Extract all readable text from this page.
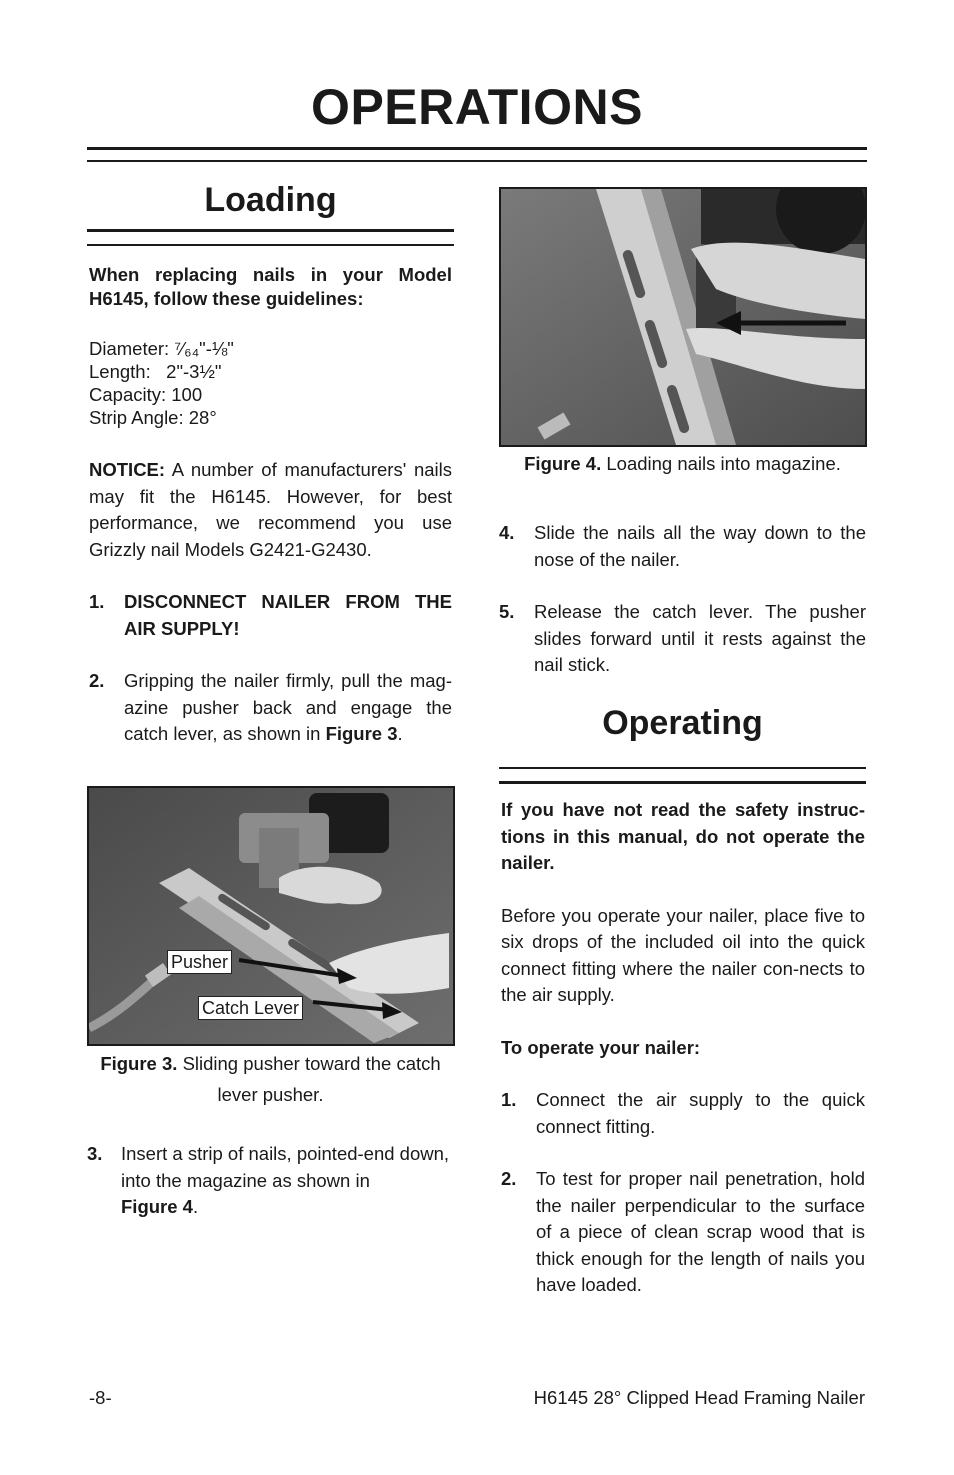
OPERATIONS
Loading

When replacing nails in your Model H6145, follow these guidelines:

Diameter: ⁷⁄₆₄"-⅛"

Length: 2"-3½"

Capacity: 100

Strip Angle: 28°

NOTICE: A number of manufacturers' nails may fit the H6145. However, for best performance, we recommend you use Grizzly nail Models G2421-G2430.

1. DISCONNECT NAILER FROM THE AIR SUPPLY!
2. Gripping the nailer firmly, pull the mag-azine pusher back and engage the catch lever, as shown in Figure 3.
Pusher
Catch Lever
Figure 3. Sliding pusher toward the catch lever pusher.
3. Insert a strip of nails, pointed-end down, into the magazine as shown in
Figure 4.
Figure 4. Loading nails into magazine.
4. Slide the nails all the way down to the nose of the nailer.
5. Release the catch lever. The pusher slides forward until it rests against the nail stick.
Operating

If you have not read the safety instruc-tions in this manual, do not operate the nailer.

Before you operate your nailer, place five to six drops of the included oil into the quick connect fitting where the nailer con-nects to the air supply.

To operate your nailer:

1. Connect the air supply to the quick connect fitting.
2. To test for proper nail penetration, hold the nailer perpendicular to the surface of a piece of clean scrap wood that is thick enough for the length of nails you have loaded.
-8-	H6145 28° Clipped Head Framing Nailer
